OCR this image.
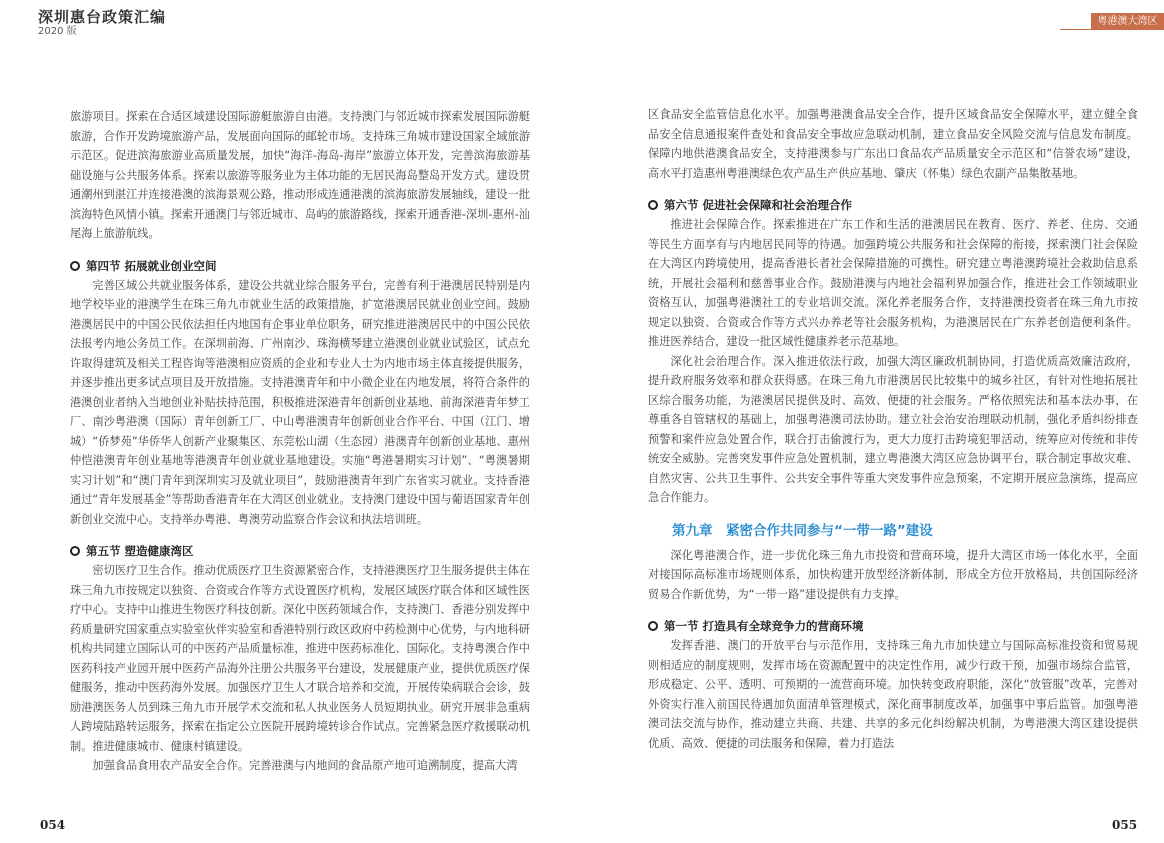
深圳惠台政策汇编
2020 版
粤港澳大湾区

旅游项目。探索在合适区域建设国际游艇旅游自由港。支持澳门与邻近城市探索发展国际游艇旅游，合作开发跨境旅游产品，发展面向国际的邮轮市场。支持珠三角城市建设国家全域旅游示范区。促进滨海旅游业高质量发展，加快“海洋-海岛-海岸”旅游立体开发，完善滨海旅游基础设施与公共服务体系。探索以旅游等服务业为主体功能的无居民海岛整岛开发方式。建设贯通潮州到湛江并连接港澳的滨海景观公路，推动形成连通港澳的滨海旅游发展轴线，建设一批滨海特色风情小镇。探索开通澳门与邻近城市、岛屿的旅游路线，探索开通香港-深圳-惠州-汕尾海上旅游航线。

第四节 拓展就业创业空间

完善区域公共就业服务体系，建设公共就业综合服务平台，完善有利于港澳居民特别是内地学校毕业的港澳学生在珠三角九市就业生活的政策措施，扩宽港澳居民就业创业空间。鼓励港澳居民中的中国公民依法担任内地国有企事业单位职务，研究推进港澳居民中的中国公民依法报考内地公务员工作。在深圳前海、广州南沙、珠海横琴建立港澳创业就业试验区，试点允许取得建筑及相关工程咨询等港澳相应资质的企业和专业人士为内地市场主体直接提供服务，并逐步推出更多试点项目及开放措施。支持港澳青年和中小微企业在内地发展，将符合条件的港澳创业者纳入当地创业补贴扶持范围，积极推进深港青年创新创业基地、前海深港青年梦工厂、南沙粤港澳（国际）青年创新工厂、中山粤港澳青年创新创业合作平台、中国（江门、增城）“侨梦苑”华侨华人创新产业聚集区、东莞松山湖（生态园）港澳青年创新创业基地、惠州仲恺港澳青年创业基地等港澳青年创业就业基地建设。实施“粤港暑期实习计划”、“粤澳暑期实习计划”和“澳门青年到深圳实习及就业项目”，鼓励港澳青年到广东省实习就业。支持香港通过“青年发展基金”等帮助香港青年在大湾区创业就业。支持澳门建设中国与葡语国家青年创新创业交流中心。支持举办粤港、粤澳劳动监察合作会议和执法培训班。

第五节 塑造健康湾区

密切医疗卫生合作。推动优质医疗卫生资源紧密合作，支持港澳医疗卫生服务提供主体在珠三角九市按规定以独资、合资或合作等方式设置医疗机构，发展区域医疗联合体和区域性医疗中心。支持中山推进生物医疗科技创新。深化中医药领域合作，支持澳门、香港分别发挥中药质量研究国家重点实验室伙伴实验室和香港特别行政区政府中药检测中心优势，与内地科研机构共同建立国际认可的中医药产品质量标准，推进中医药标准化、国际化。支持粤澳合作中医药科技产业园开展中医药产品海外注册公共服务平台建设，发展健康产业，提供优质医疗保健服务，推动中医药海外发展。加强医疗卫生人才联合培养和交流，开展传染病联合会诊，鼓励港澳医务人员到珠三角九市开展学术交流和私人执业医务人员短期执业。研究开展非急重病人跨境陆路转运服务，探索在指定公立医院开展跨境转诊合作试点。完善紧急医疗救援联动机制。推进健康城市、健康村镇建设。

加强食品食用农产品安全合作。完善港澳与内地间的食品原产地可追溯制度，提高大湾

区食品安全监管信息化水平。加强粤港澳食品安全合作，提升区域食品安全保障水平，建立健全食品安全信息通报案件查处和食品安全事故应急联动机制，建立食品安全风险交流与信息发布制度。保障内地供港澳食品安全，支持港澳参与广东出口食品农产品质量安全示范区和“信誉农场”建设，高水平打造惠州粤港澳绿色农产品生产供应基地、肇庆（怀集）绿色农副产品集散基地。

第六节 促进社会保障和社会治理合作

推进社会保障合作。探索推进在广东工作和生活的港澳居民在教育、医疗、养老、住房、交通等民生方面享有与内地居民同等的待遇。加强跨境公共服务和社会保障的衔接，探索澳门社会保险在大湾区内跨境使用，提高香港长者社会保障措施的可携性。研究建立粤港澳跨境社会救助信息系统，开展社会福利和慈善事业合作。鼓励港澳与内地社会福利界加强合作，推进社会工作领域职业资格互认，加强粤港澳社工的专业培训交流。深化养老服务合作，支持港澳投资者在珠三角九市按规定以独资、合资或合作等方式兴办养老等社会服务机构，为港澳居民在广东养老创造便利条件。推进医养结合，建设一批区域性健康养老示范基地。

深化社会治理合作。深入推进依法行政，加强大湾区廉政机制协同，打造优质高效廉洁政府，提升政府服务效率和群众获得感。在珠三角九市港澳居民比较集中的城乡社区，有针对性地拓展社区综合服务功能，为港澳居民提供及时、高效、便捷的社会服务。严格依照宪法和基本法办事，在尊重各自管辖权的基础上，加强粤港澳司法协助。建立社会治安治理联动机制，强化矛盾纠纷排查预警和案件应急处置合作，联合打击偷渡行为，更大力度打击跨境犯罪活动，统筹应对传统和非传统安全威胁。完善突发事件应急处置机制，建立粤港澳大湾区应急协调平台，联合制定事故灾难、自然灾害、公共卫生事件、公共安全事件等重大突发事件应急预案，不定期开展应急演练，提高应急合作能力。

第九章　紧密合作共同参与“一带一路”建设

深化粤港澳合作，进一步优化珠三角九市投资和营商环境，提升大湾区市场一体化水平，全面对接国际高标准市场规则体系，加快构建开放型经济新体制，形成全方位开放格局，共创国际经济贸易合作新优势，为“一带一路”建设提供有力支撑。

第一节 打造具有全球竞争力的营商环境

发挥香港、澳门的开放平台与示范作用，支持珠三角九市加快建立与国际高标准投资和贸易规则相适应的制度规则，发挥市场在资源配置中的决定性作用，减少行政干预，加强市场综合监管，形成稳定、公平、透明、可预期的一流营商环境。加快转变政府职能，深化“放管服”改革，完善对外资实行准入前国民待遇加负面清单管理模式，深化商事制度改革，加强事中事后监管。加强粤港澳司法交流与协作，推动建立共商、共建、共享的多元化纠纷解决机制，为粤港澳大湾区建设提供优质、高效、便捷的司法服务和保障，着力打造法

054	055
